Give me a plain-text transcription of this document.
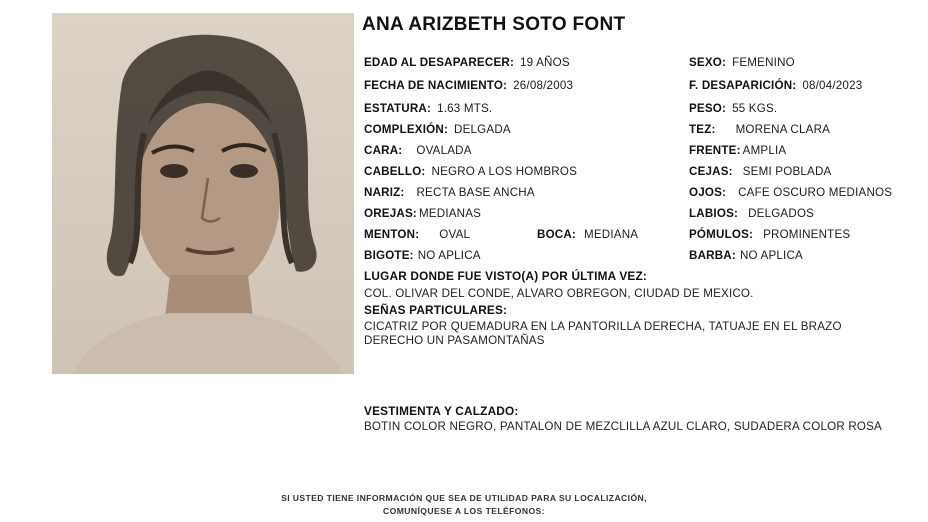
ANA ARIZBETH SOTO FONT
EDAD AL DESAPARECER: 19 AÑOS	SEXO: FEMENINO
FECHA DE NACIMIENTO: 26/08/2003	F. DESAPARICIÓN: 08/04/2023
ESTATURA: 1.63 MTS.	PESO: 55 KGS.
COMPLEXIÓN: DELGADA	TEZ: MORENA CLARA
CARA: OVALADA	FRENTE: AMPLIA
CABELLO: NEGRO A LOS HOMBROS	CEJAS: SEMI POBLADA
NARIZ: RECTA BASE ANCHA	OJOS: CAFE OSCURO MEDIANOS
OREJAS: MEDIANAS	LABIOS: DELGADOS
MENTON: OVAL	BOCA: MEDIANA	PÓMULOS: PROMINENTES
BIGOTE: NO APLICA	BARBA: NO APLICA
LUGAR DONDE FUE VISTO(A) POR ÚLTIMA VEZ:
COL. OLIVAR DEL CONDE, ALVARO OBREGON, CIUDAD DE MEXICO.
SEÑAS PARTICULARES:
CICATRIZ POR QUEMADURA EN LA PANTORILLA DERECHA, TATUAJE EN EL BRAZO DERECHO UN PASAMONTAÑAS
VESTIMENTA Y CALZADO:
BOTIN COLOR NEGRO, PANTALON DE MEZCLILLA AZUL CLARO, SUDADERA COLOR ROSA
SI USTED TIENE INFORMACIÓN QUE SEA DE UTILIDAD PARA SU LOCALIZACIÓN,
COMUNÍQUESE A LOS TELÉFONOS:
